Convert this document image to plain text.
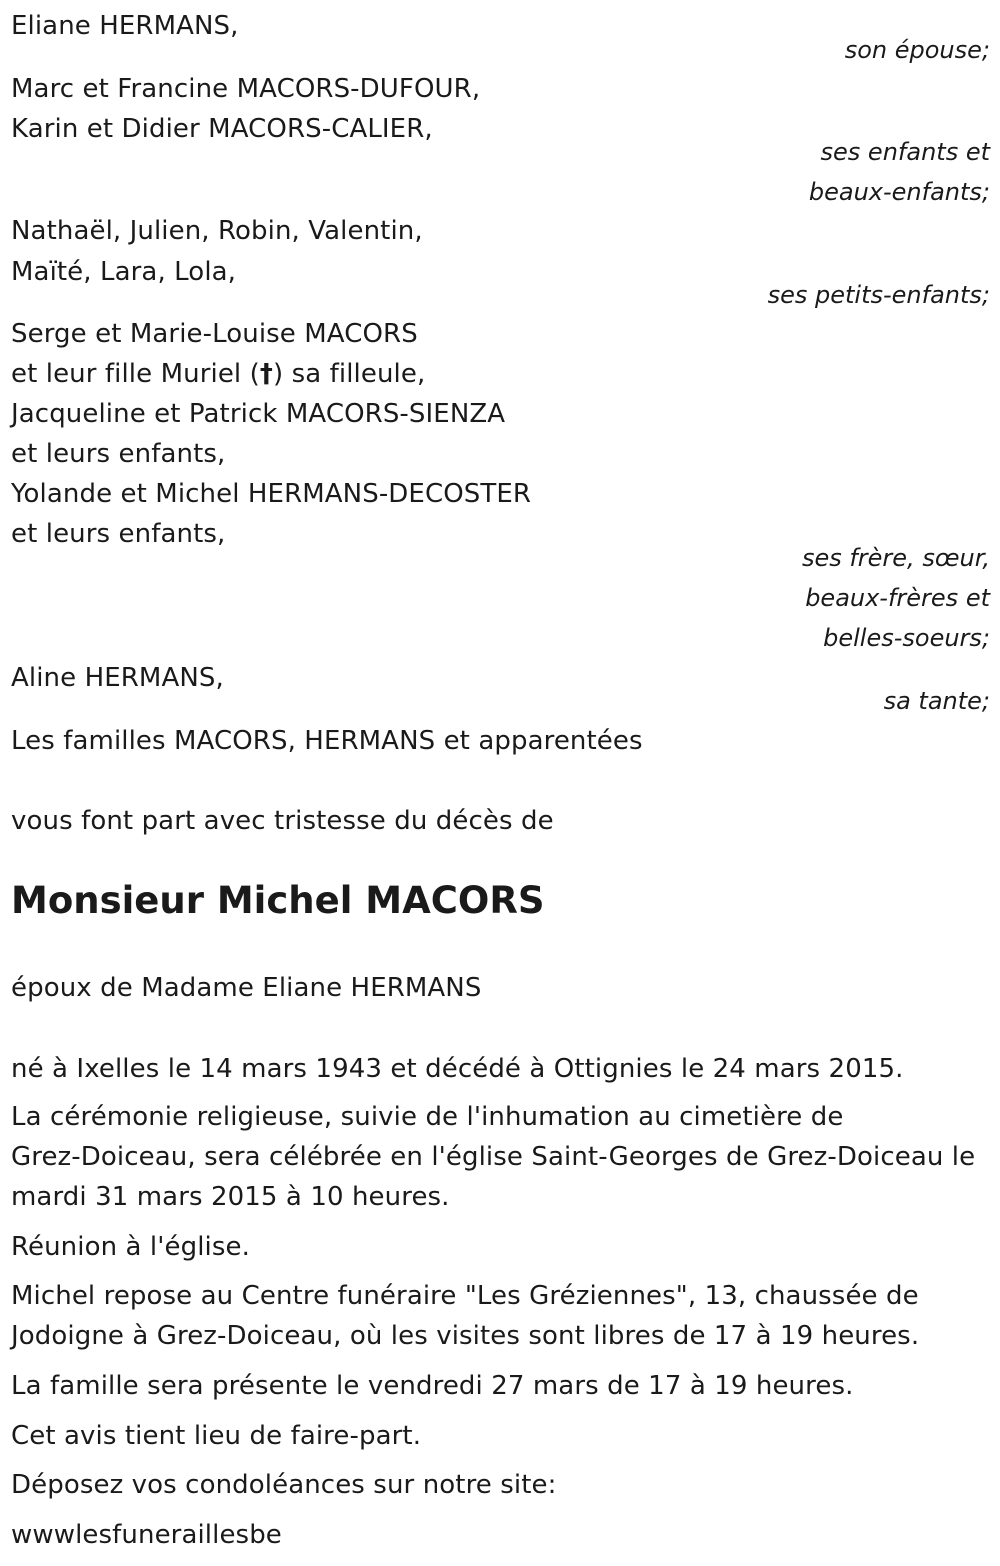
Eliane HERMANS,
son épouse;
Marc et Francine MACORS-DUFOUR,
Karin et Didier MACORS-CALIER,
ses enfants et
beaux-enfants;
Nathaël, Julien, Robin, Valentin,
Maïté, Lara, Lola,
ses petits-enfants;
Serge et Marie-Louise MACORS
et leur fille Muriel (†) sa filleule,
Jacqueline et Patrick MACORS-SIENZA
et leurs enfants,
Yolande et Michel HERMANS-DECOSTER
et leurs enfants,
ses frère, sœur,
beaux-frères et
belles-soeurs;
Aline HERMANS,
sa tante;
Les familles MACORS, HERMANS et apparentées
vous font part avec tristesse du décès de
Monsieur Michel MACORS
époux de Madame Eliane HERMANS
né à Ixelles le 14 mars 1943 et décédé à Ottignies le 24 mars 2015.
La cérémonie religieuse, suivie de l'inhumation au cimetière de
Grez-Doiceau, sera célébrée en l'église Saint-Georges de Grez-Doiceau le
mardi 31 mars 2015 à 10 heures.
Réunion à l'église.
Michel repose au Centre funéraire "Les Gréziennes", 13, chaussée de
Jodoigne à Grez-Doiceau, où les visites sont libres de 17 à 19 heures.
La famille sera présente le vendredi 27 mars de 17 à 19 heures.
Cet avis tient lieu de faire-part.
Déposez vos condoléances sur notre site:
wwwlesfuneraillesbe
